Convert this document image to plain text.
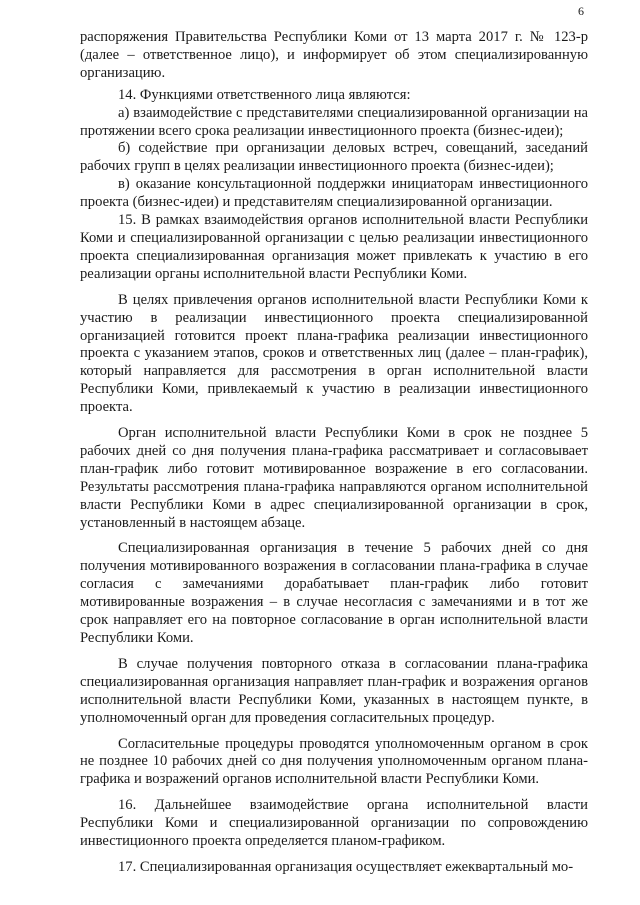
6

распоряжения Правительства Республики Коми от 13 марта 2017 г. № 123-р (далее – ответственное лицо), и информирует об этом специализированную организацию.

14. Функциями ответственного лица являются:

а) взаимодействие с представителями специализированной организации на протяжении всего срока реализации инвестиционного проекта (бизнес-идеи);

б) содействие при организации деловых встреч, совещаний, заседаний рабочих групп в целях реализации инвестиционного проекта (бизнес-идеи);

в) оказание консультационной поддержки инициаторам инвестиционного проекта (бизнес-идеи) и представителям специализированной организации.

15. В рамках взаимодействия органов исполнительной власти Республики Коми и специализированной организации с целью реализации инвестиционного проекта специализированная организация может привлекать к участию в его реализации органы исполнительной власти Республики Коми.

В целях привлечения органов исполнительной власти Республики Коми к участию в реализации инвестиционного проекта специализированной организацией готовится проект плана-графика реализации инвестиционного проекта с указанием этапов, сроков и ответственных лиц (далее – план-график), который направляется для рассмотрения в орган исполнительной власти Республики Коми, привлекаемый к участию в реализации инвестиционного проекта.

Орган исполнительной власти Республики Коми в срок не позднее 5 рабочих дней со дня получения плана-графика рассматривает и согласовывает план-график либо готовит мотивированное возражение в его согласовании. Результаты рассмотрения плана-графика направляются органом исполнительной власти Республики Коми в адрес специализированной организации в срок, установленный в настоящем абзаце.

Специализированная организация в течение 5 рабочих дней со дня получения мотивированного возражения в согласовании плана-графика в случае согласия с замечаниями дорабатывает план-график либо готовит мотивированные возражения – в случае несогласия с замечаниями и в тот же срок направляет его на повторное согласование в орган исполнительной власти Республики Коми.

В случае получения повторного отказа в согласовании плана-графика специализированная организация направляет план-график и возражения органов исполнительной власти Республики Коми, указанных в настоящем пункте, в уполномоченный орган для проведения согласительных процедур.

Согласительные процедуры проводятся уполномоченным органом в срок не позднее 10 рабочих дней со дня получения уполномоченным органом плана-графика и возражений органов исполнительной власти Республики Коми.

16. Дальнейшее взаимодействие органа исполнительной власти Республики Коми и специализированной организации по сопровождению инвестиционного проекта определяется планом-графиком.

17. Специализированная организация осуществляет ежеквартальный мо-
